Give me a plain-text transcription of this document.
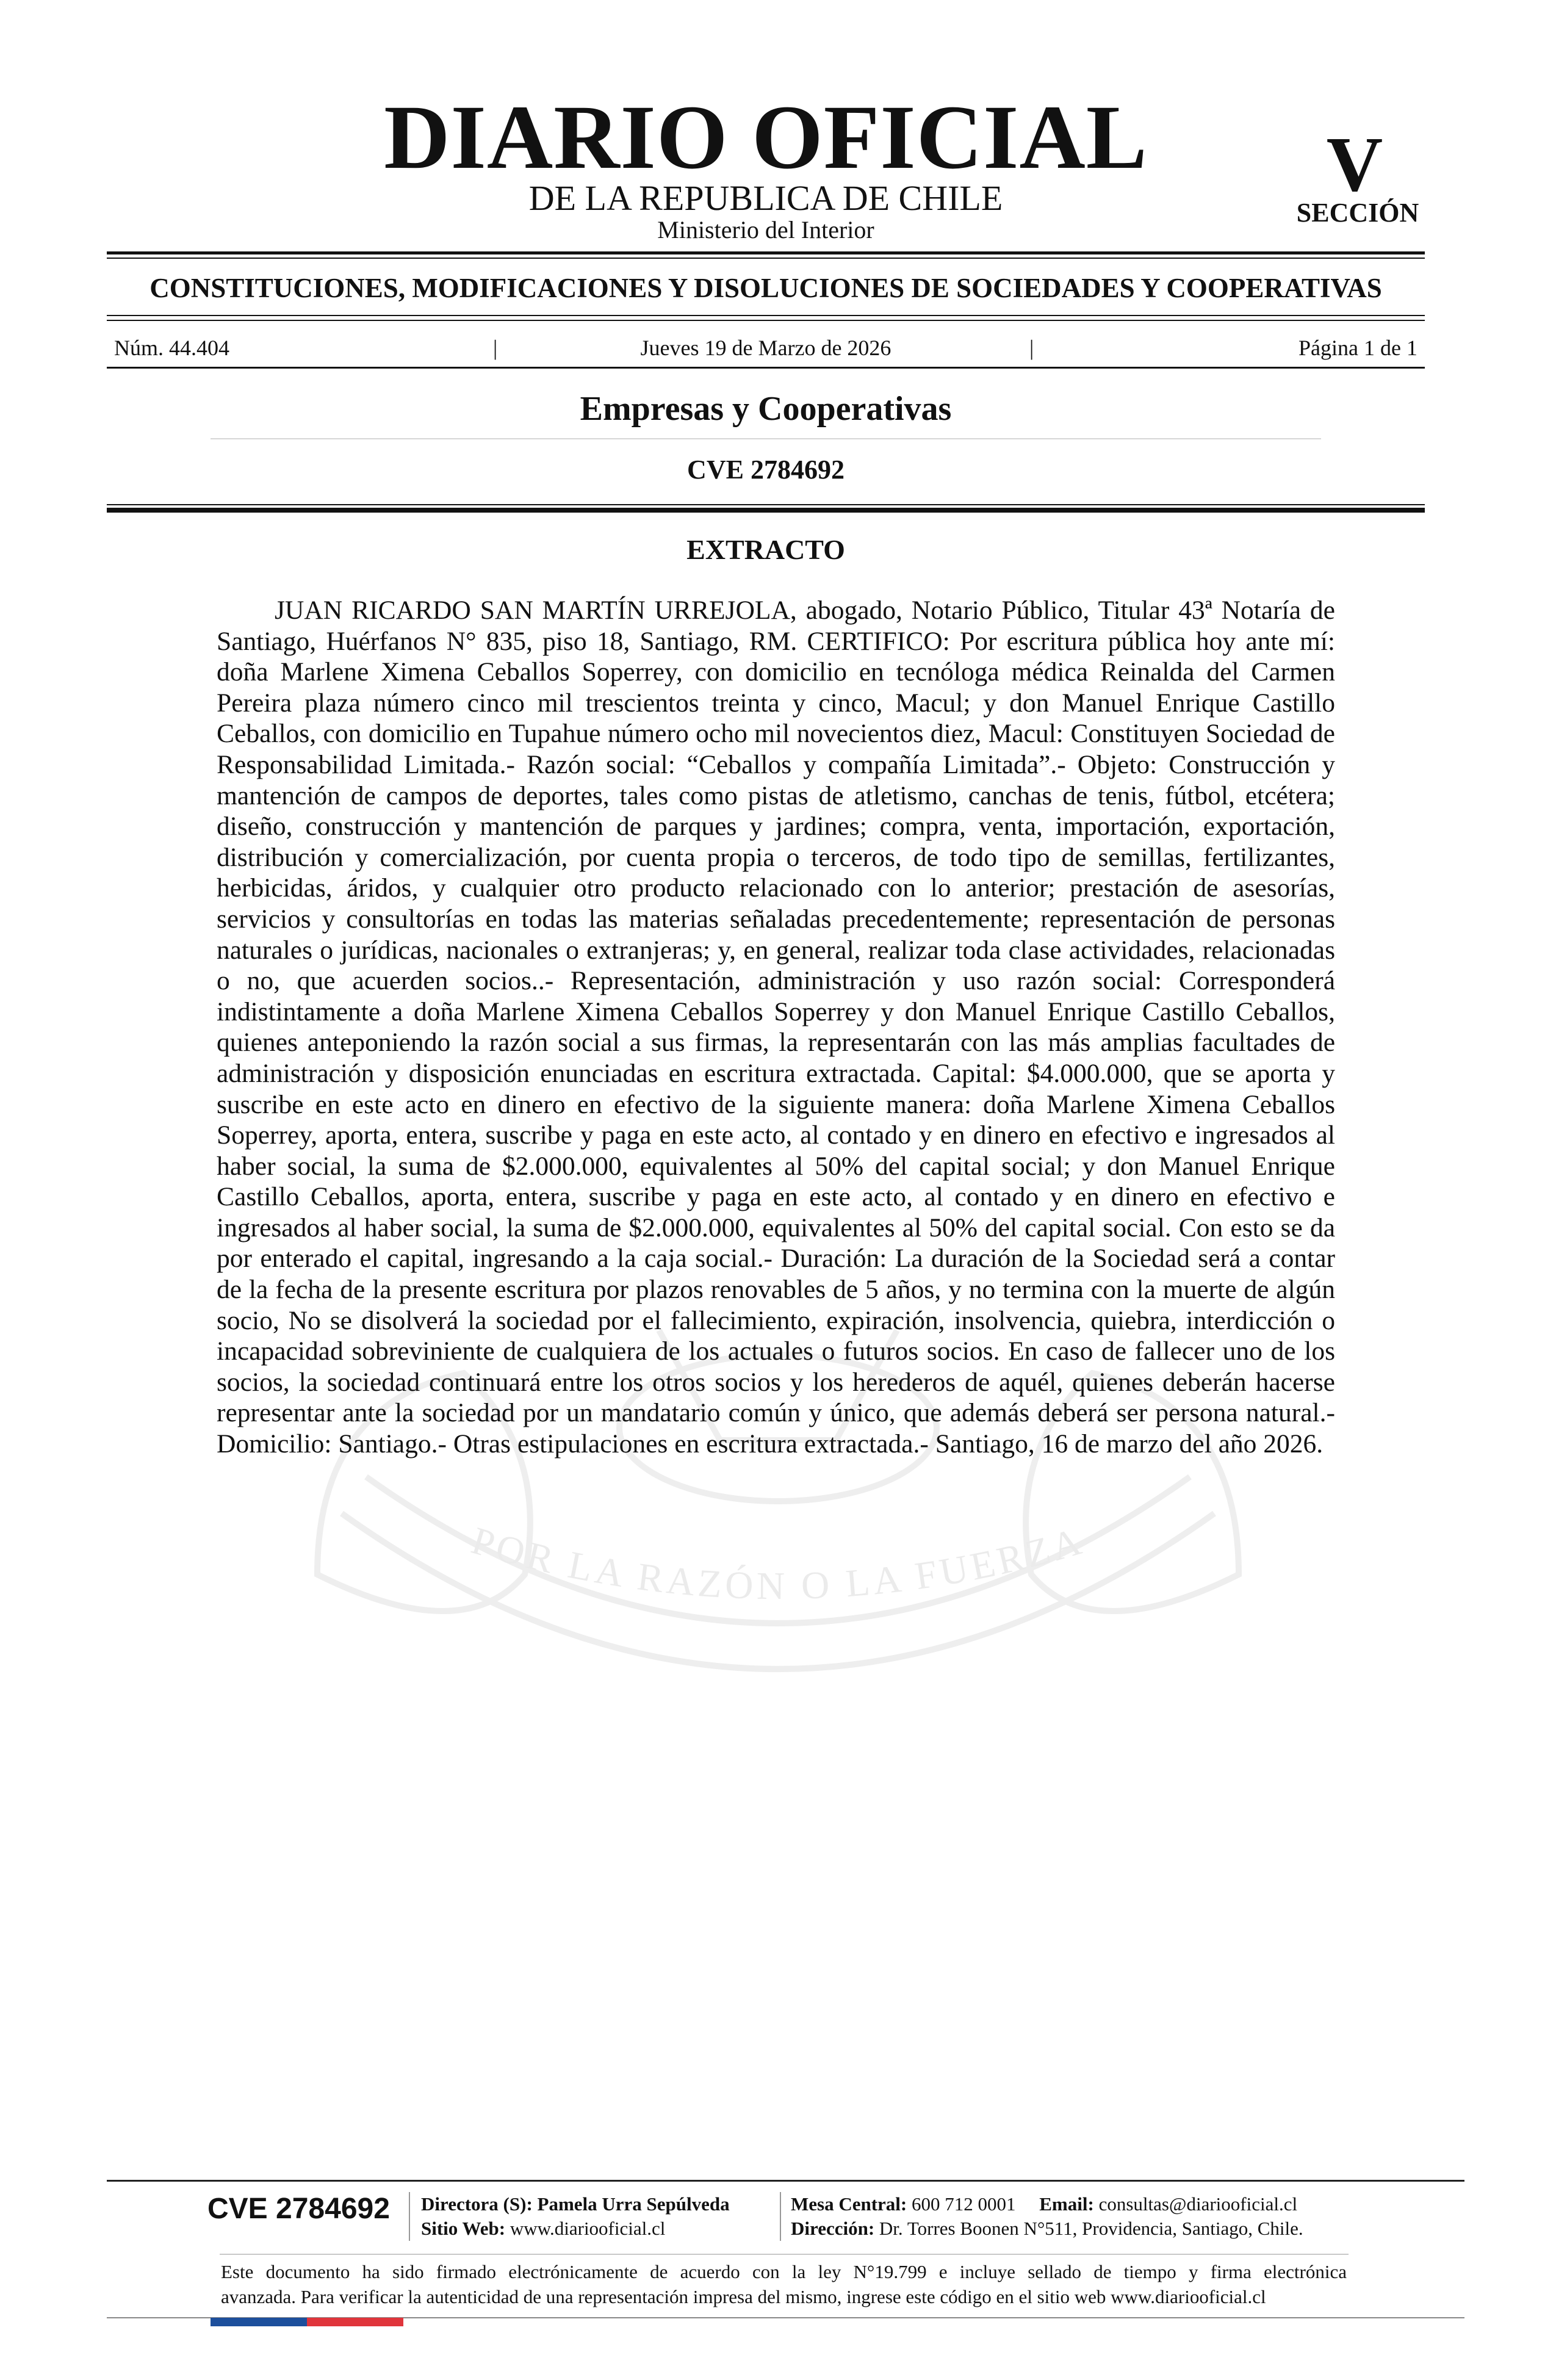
POR LA RAZÓN O LA FUERZA
DIARIO OFICIAL
DE LA REPUBLICA DE CHILE
Ministerio del Interior
V
SECCIÓN
CONSTITUCIONES, MODIFICACIONES Y DISOLUCIONES DE SOCIEDADES Y COOPERATIVAS
Núm. 44.404	|	Jueves 19 de Marzo de 2026	|	Página 1 de 1
Empresas y Cooperativas
CVE 2784692
EXTRACTO

JUAN RICARDO SAN MARTÍN URREJOLA, abogado, Notario Público, Titular 43ª Notaría de Santiago, Huérfanos N° 835, piso 18, Santiago, RM. CERTIFICO: Por escritura pública hoy ante mí: doña Marlene Ximena Ceballos Soperrey, con domicilio en tecnóloga médica Reinalda del Carmen Pereira plaza número cinco mil trescientos treinta y cinco, Macul; y don Manuel Enrique Castillo Ceballos, con domicilio en Tupahue número ocho mil novecientos diez, Macul: Constituyen Sociedad de Responsabilidad Limitada.- Razón social: “Ceballos y compañía Limitada”.- Objeto: Construcción y mantención de campos de deportes, tales como pistas de atletismo, canchas de tenis, fútbol, etcétera; diseño, construcción y mantención de parques y jardines; compra, venta, importación, exportación, distribución y comercialización, por cuenta propia o terceros, de todo tipo de semillas, fertilizantes, herbicidas, áridos, y cualquier otro producto relacionado con lo anterior; prestación de asesorías, servicios y consultorías en todas las materias señaladas precedentemente; representación de personas naturales o jurídicas, nacionales o extranjeras; y, en general, realizar toda clase actividades, relacionadas o no, que acuerden socios..- Representación, administración y uso razón social: Corresponderá indistintamente a doña Marlene Ximena Ceballos Soperrey y don Manuel Enrique Castillo Ceballos, quienes anteponiendo la razón social a sus firmas, la representarán con las más amplias facultades de administración y disposición enunciadas en escritura extractada. Capital: $4.000.000, que se aporta y suscribe en este acto en dinero en efectivo de la siguiente manera: doña Marlene Ximena Ceballos Soperrey, aporta, entera, suscribe y paga en este acto, al contado y en dinero en efectivo e ingresados al haber social, la suma de $2.000.000, equivalentes al 50% del capital social; y don Manuel Enrique Castillo Ceballos, aporta, entera, suscribe y paga en este acto, al contado y en dinero en efectivo e ingresados al haber social, la suma de $2.000.000, equivalentes al 50% del capital social. Con esto se da por enterado el capital, ingresando a la caja social.- Duración: La duración de la Sociedad será a contar de la fecha de la presente escritura por plazos renovables de 5 años, y no termina con la muerte de algún socio, No se disolverá la sociedad por el fallecimiento, expiración, insolvencia, quiebra, interdicción o incapacidad sobreviniente de cualquiera de los actuales o futuros socios. En caso de fallecer uno de los socios, la sociedad continuará entre los otros socios y los herederos de aquél, quienes deberán hacerse representar ante la sociedad por un mandatario común y único, que además deberá ser persona natural.- Domicilio: Santiago.- Otras estipulaciones en escritura extractada.- Santiago, 16 de marzo del año 2026.

CVE 2784692 Directora (S): Pamela Urra Sepúlveda
Sitio Web: www.diariooficial.cl
Mesa Central: 600 712 0001 Email: consultas@diariooficial.cl
Dirección: Dr. Torres Boonen N°511, Providencia, Santiago, Chile.
Este documento ha sido firmado electrónicamente de acuerdo con la ley N°19.799 e incluye sellado de tiempo y firma electrónica
avanzada. Para verificar la autenticidad de una representación impresa del mismo, ingrese este código en el sitio web www.diariooficial.cl
